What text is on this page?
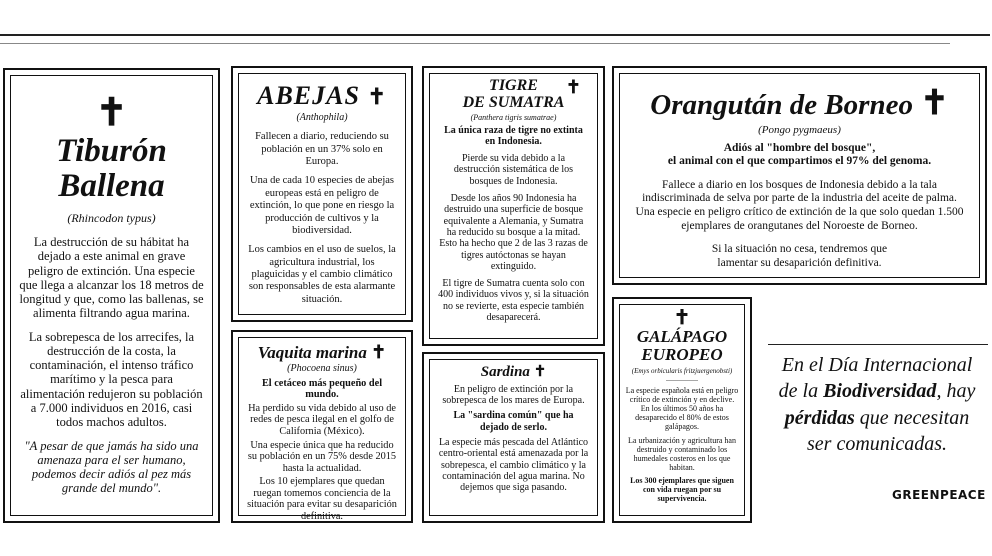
✝
Tiburón
Ballena
(Rhincodon typus)

La destrucción de su hábitat ha dejado a este animal en grave peligro de extinción. Una especie que llega a alcanzar los 18 metros de longitud y que, como las ballenas, se alimenta filtrando agua marina.

La sobrepesca de los arrecifes, la destrucción de la costa, la contaminación, el intenso tráfico marítimo y la pesca para alimentación redujeron su población a 7.000 individuos en 2016, casi todos machos adultos.

"A pesar de que jamás ha sido una amenaza para el ser humano, podemos decir adiós al pez más grande del mundo".

ABEJAS ✝
(Anthophila)

Fallecen a diario, reduciendo su población en un 37% solo en Europa.

Una de cada 10 especies de abejas europeas está en peligro de extinción, lo que pone en riesgo la producción de cultivos y la biodiversidad.

Los cambios en el uso de suelos, la agricultura industrial, los plaguicidas y el cambio climático son responsables de esta alarmante situación.

Vaquita marina ✝
(Phocoena sinus)

El cetáceo más pequeño del mundo.

Ha perdido su vida debido al uso de redes de pesca ilegal en el golfo de California (México).

Una especie única que ha reducido su población en un 75% desde 2015 hasta la actualidad.

Los 10 ejemplares que quedan ruegan tomemos conciencia de la situación para evitar su desaparición definitiva.

TIGRE
DE SUMATRA
✝
(Panthera tigris sumatrae)

La única raza de tigre no extinta en Indonesia.

Pierde su vida debido a la destrucción sistemática de los bosques de Indonesia.

Desde los años 90 Indonesia ha destruido una superficie de bosque equivalente a Alemania, y Sumatra ha reducido su bosque a la mitad. Esto ha hecho que 2 de las 3 razas de tigres autóctonas se hayan extinguido.

El tigre de Sumatra cuenta solo con 400 individuos vivos y, si la situación no se revierte, esta especie también desaparecerá.

Sardina ✝

En peligro de extinción por la sobrepesca de los mares de Europa.

La "sardina común" que ha dejado de serlo.

La especie más pescada del Atlántico centro-oriental está amenazada por la sobrepesca, el cambio climático y la contaminación del agua marina. No dejemos que siga pasando.

Orangután de Borneo ✝
(Pongo pygmaeus)
Adiós al "hombre del bosque",
el animal con el que compartimos el 97% del genoma.

Fallece a diario en los bosques de Indonesia debido a la tala indiscriminada de selva por parte de la industria del aceite de palma. Una especie en peligro crítico de extinción de la que solo quedan 1.500 ejemplares de orangutanes del Noroeste de Borneo.

Si la situación no cesa, tendremos que lamentar su desaparición definitiva.

✝
GALÁPAGO
EUROPEO
(Emys orbicularis fritzjuergenobsti)
................

La especie española está en peligro crítico de extinción y en declive. En los últimos 50 años ha desaparecido el 80% de estos galápagos.

La urbanización y agricultura han destruido y contaminado los humedales costeros en los que habitan.

Los 300 ejemplares que siguen con vida ruegan por su supervivencia.

En el Día Internacional
de la Biodiversidad, hay
pérdidas que necesitan
ser comunicadas.
GREENPEACE
